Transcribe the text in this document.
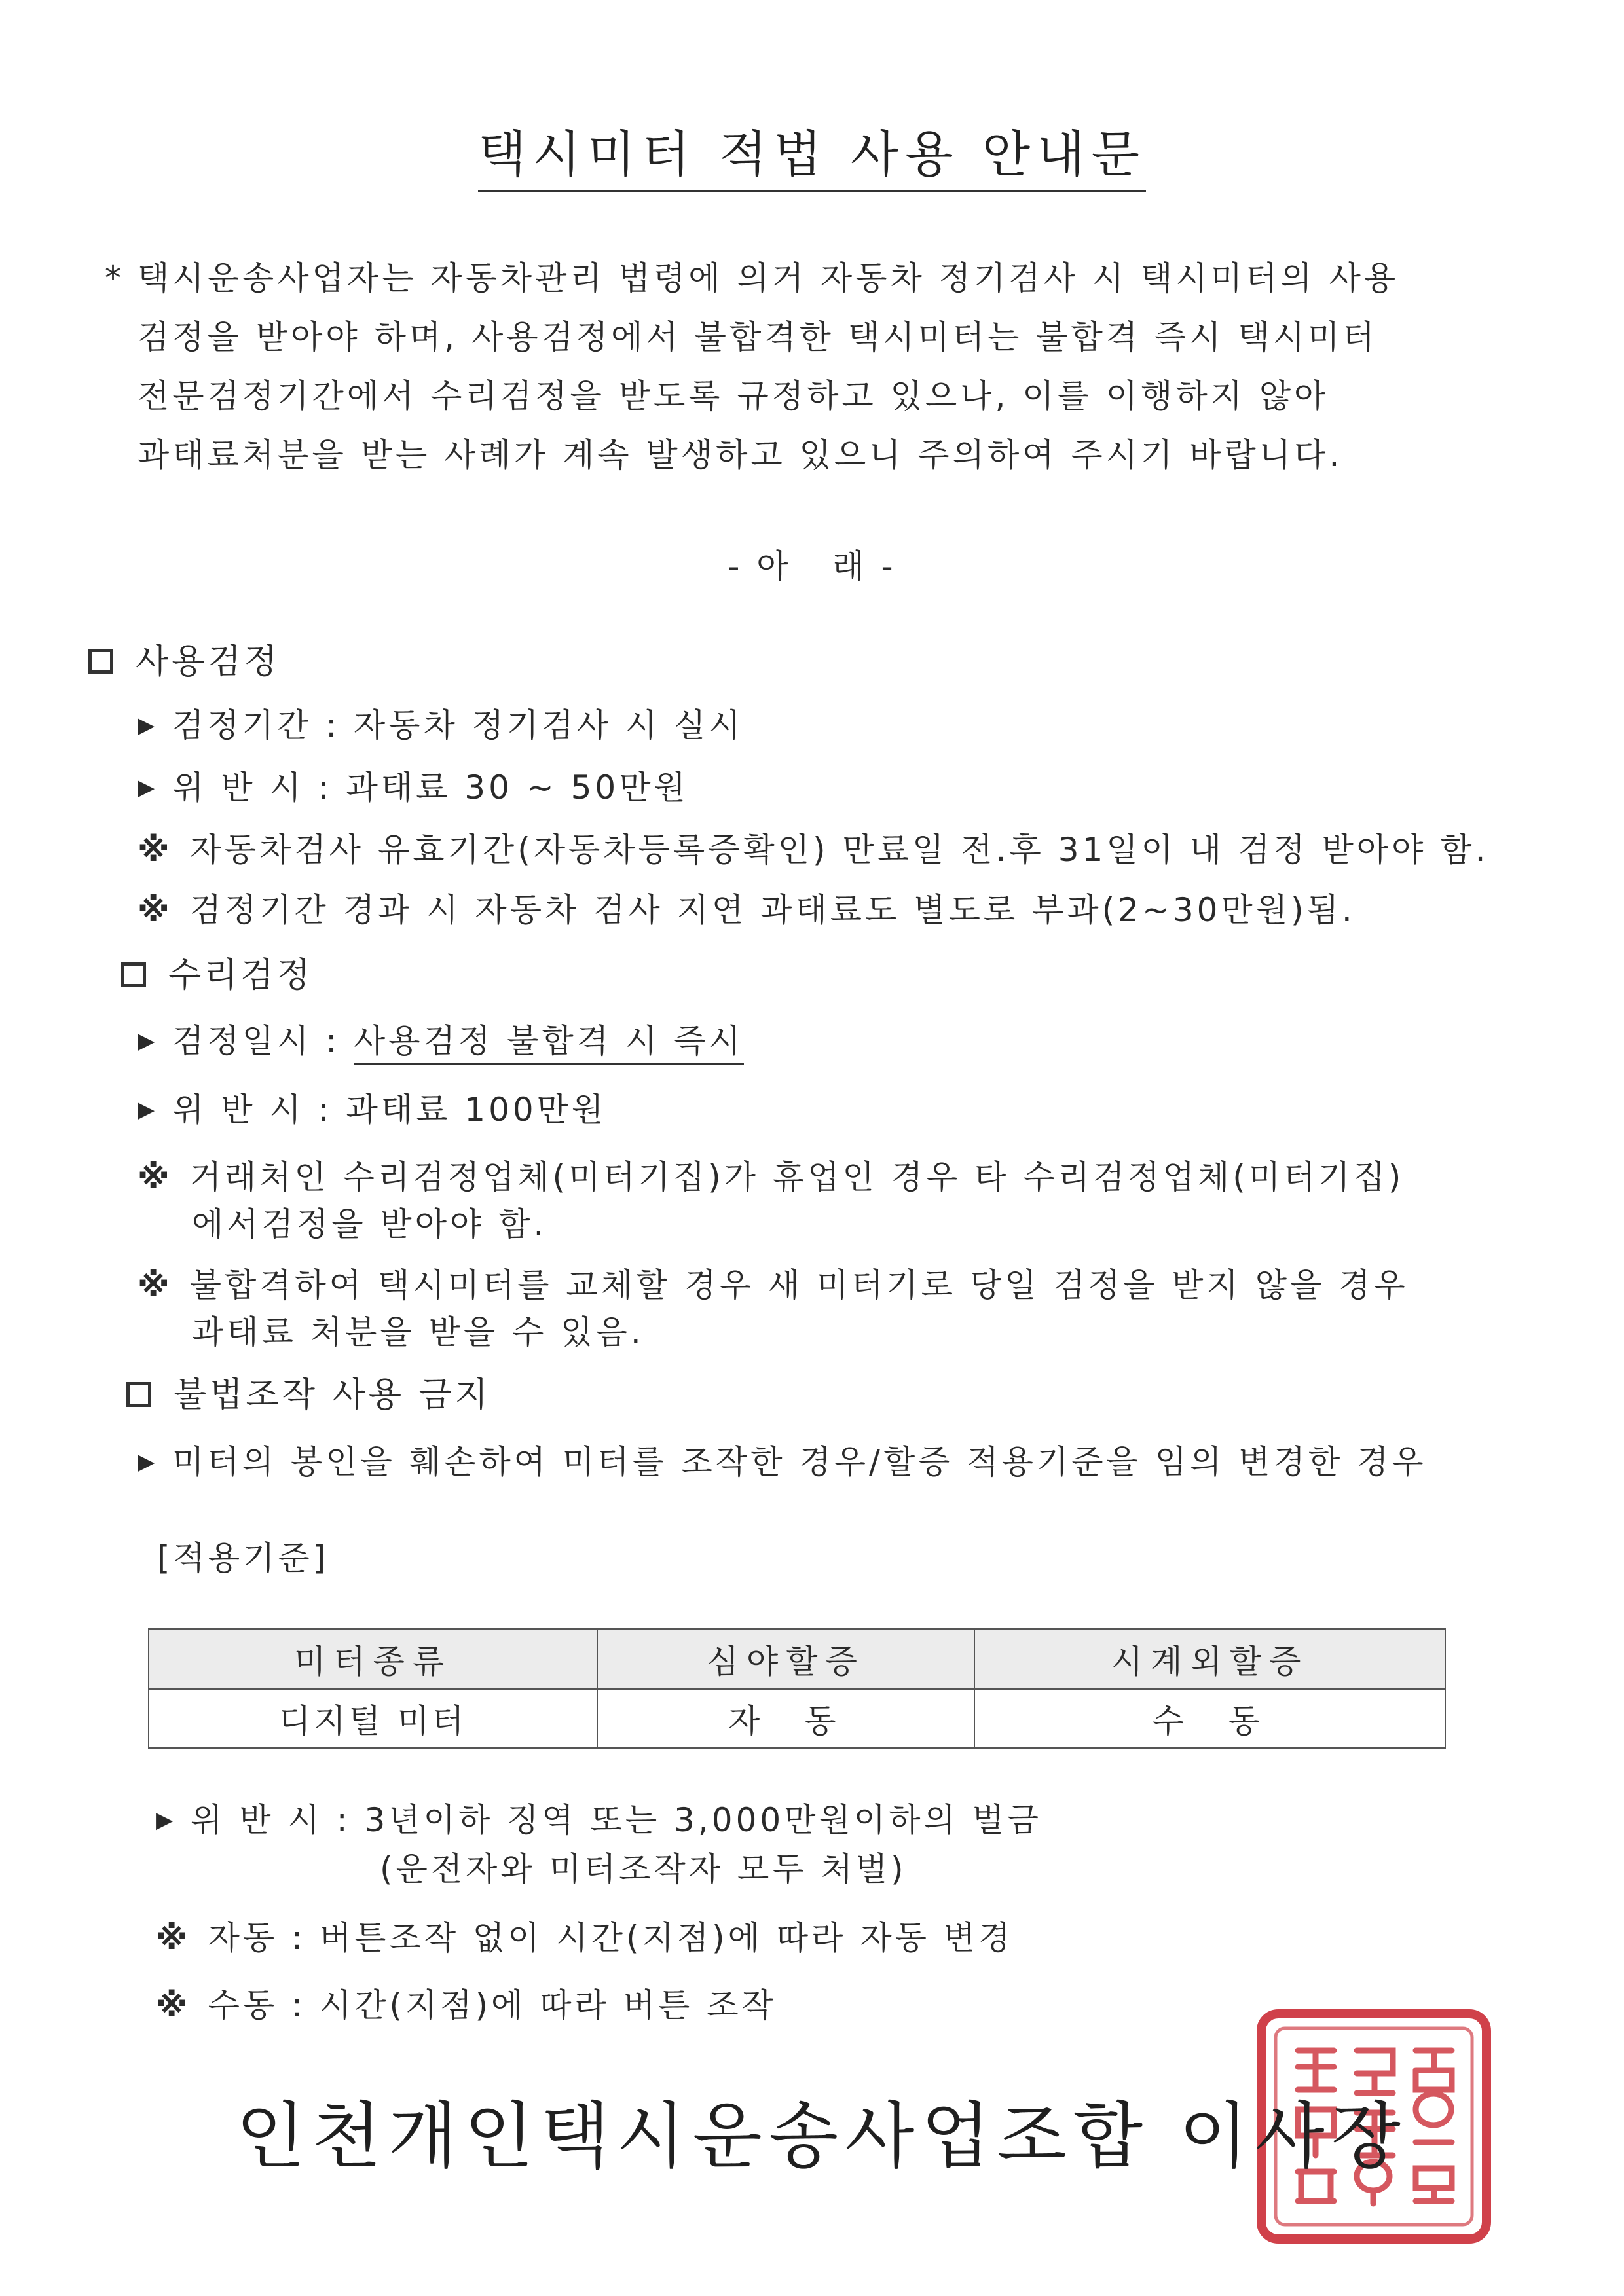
택시미터 적법 사용 안내문
* 택시운송사업자는 자동차관리 법령에 의거 자동차 정기검사 시 택시미터의 사용
검정을 받아야 하며, 사용검정에서 불합격한 택시미터는 불합격 즉시 택시미터
전문검정기간에서 수리검정을 받도록 규정하고 있으나, 이를 이행하지 않아
과태료처분을 받는 사례가 계속 발생하고 있으니 주의하여 주시기 바랍니다.
- 아   래 -
사용검정
▶ 검정기간 : 자동차 정기검사 시 실시
▶ 위 반 시 : 과태료 30 ~ 50만원
※ 자동차검사 유효기간(자동차등록증확인) 만료일 전.후 31일이 내 검정 받아야 함.
※ 검정기간 경과 시 자동차 검사 지연 과태료도 별도로 부과(2~30만원)됨.
수리검정
▶ 검정일시 : 사용검정 불합격 시 즉시
▶ 위 반 시 : 과태료 100만원
※ 거래처인 수리검정업체(미터기집)가 휴업인 경우 타 수리검정업체(미터기집)
에서검정을 받아야 함.
※ 불합격하여 택시미터를 교체할 경우 새 미터기로 당일 검정을 받지 않을 경우
과태료 처분을 받을 수 있음.
불법조작 사용 금지
▶ 미터의 봉인을 훼손하여 미터를 조작한 경우/할증 적용기준을 임의 변경한 경우
[적용기준]
미터종류	심야할증	시계외할증
디지털 미터	자  동	수  동
▶ 위 반 시 : 3년이하 징역 또는 3,000만원이하의 벌금
(운전자와 미터조작자 모두 처벌)
※ 자동 : 버튼조작 없이 시간(지점)에 따라 자동 변경
※ 수동 : 시간(지점)에 따라 버튼 조작
인천개인택시운송사업조합 이사장
